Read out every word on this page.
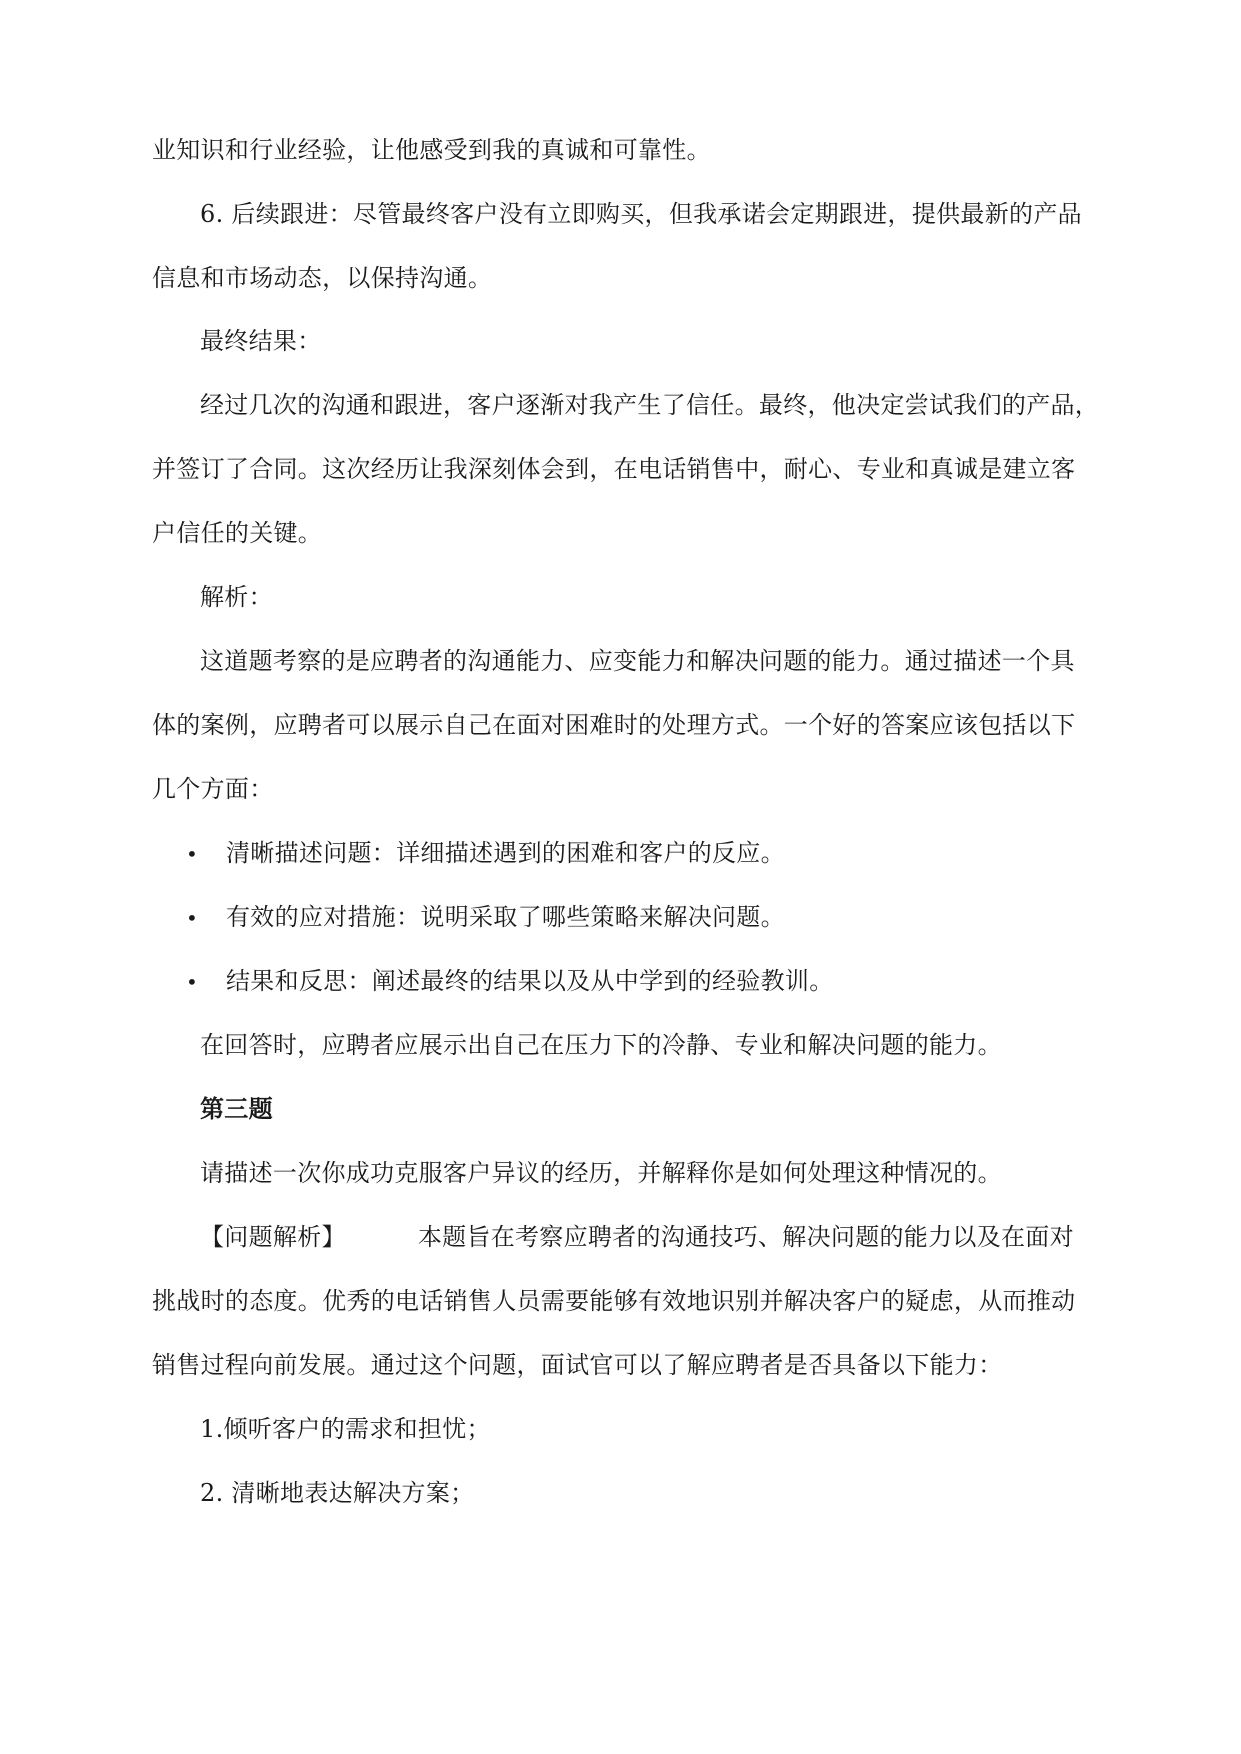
业知识和行业经验，让他感受到我的真诚和可靠性。
6. 后续跟进：尽管最终客户没有立即购买，但我承诺会定期跟进，提供最新的产品
信息和市场动态，以保持沟通。
最终结果：
经过几次的沟通和跟进，客户逐渐对我产生了信任。最终，他决定尝试我们的产品，
并签订了合同。这次经历让我深刻体会到，在电话销售中，耐心、专业和真诚是建立客
户信任的关键。
解析：
这道题考察的是应聘者的沟通能力、应变能力和解决问题的能力。通过描述一个具
体的案例，应聘者可以展示自己在面对困难时的处理方式。一个好的答案应该包括以下
几个方面：
• 清晰描述问题：详细描述遇到的困难和客户的反应。
• 有效的应对措施：说明采取了哪些策略来解决问题。
• 结果和反思：阐述最终的结果以及从中学到的经验教训。
在回答时，应聘者应展示出自己在压力下的冷静、专业和解决问题的能力。
第三题
请描述一次你成功克服客户异议的经历，并解释你是如何处理这种情况的。
【问题解析】	本题旨在考察应聘者的沟通技巧、解决问题的能力以及在面对
挑战时的态度。优秀的电话销售人员需要能够有效地识别并解决客户的疑虑，从而推动
销售过程向前发展。通过这个问题，面试官可以了解应聘者是否具备以下能力：
1.倾听客户的需求和担忧；
2. 清晰地表达解决方案；
